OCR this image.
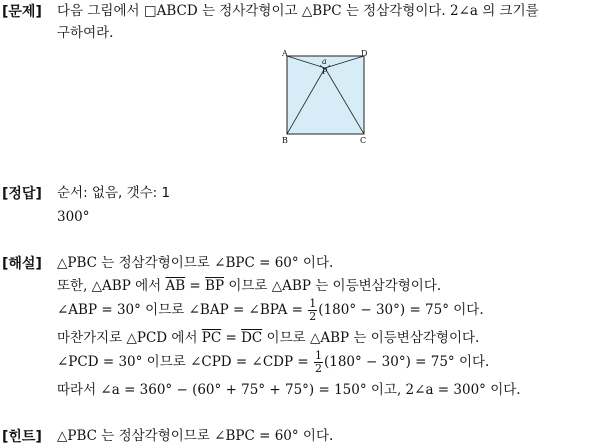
[문제] 다음 그림에서 □ABCD 는 정사각형이고 △BPC 는 정삼각형이다. 2∠a 의 크기를
구하여라.
A	D
B	C
P
a
[정답] 순서: 없음, 갯수: 1
300°
[해설] △PBC 는 정삼각형이므로 ∠BPC = 60° 이다.
또한, △ABP 에서 $\overline{AB} = \overline{BP}$ 이므로 △ABP 는 이등변삼각형이다.
∠ABP = 30° 이므로 ∠BAP = ∠BPA = $\frac{1}{2} (180^\circ - 30^\circ) = 75^\circ$ 이다.
마찬가지로 △PCD 에서 $\overline{PC} = \overline{DC}$ 이므로 △ABP 는 이등변삼각형이다.
∠PCD = 30° 이므로 ∠CPD = ∠CDP = $\frac{1}{2} (180^\circ - 30^\circ) = 75^\circ$ 이다.
따라서 ∠a = 360° − (60° + 75° + 75°) = 150° 이고, 2∠a = 300° 이다.
[힌트] △PBC 는 정삼각형이므로 ∠BPC = 60° 이다.
